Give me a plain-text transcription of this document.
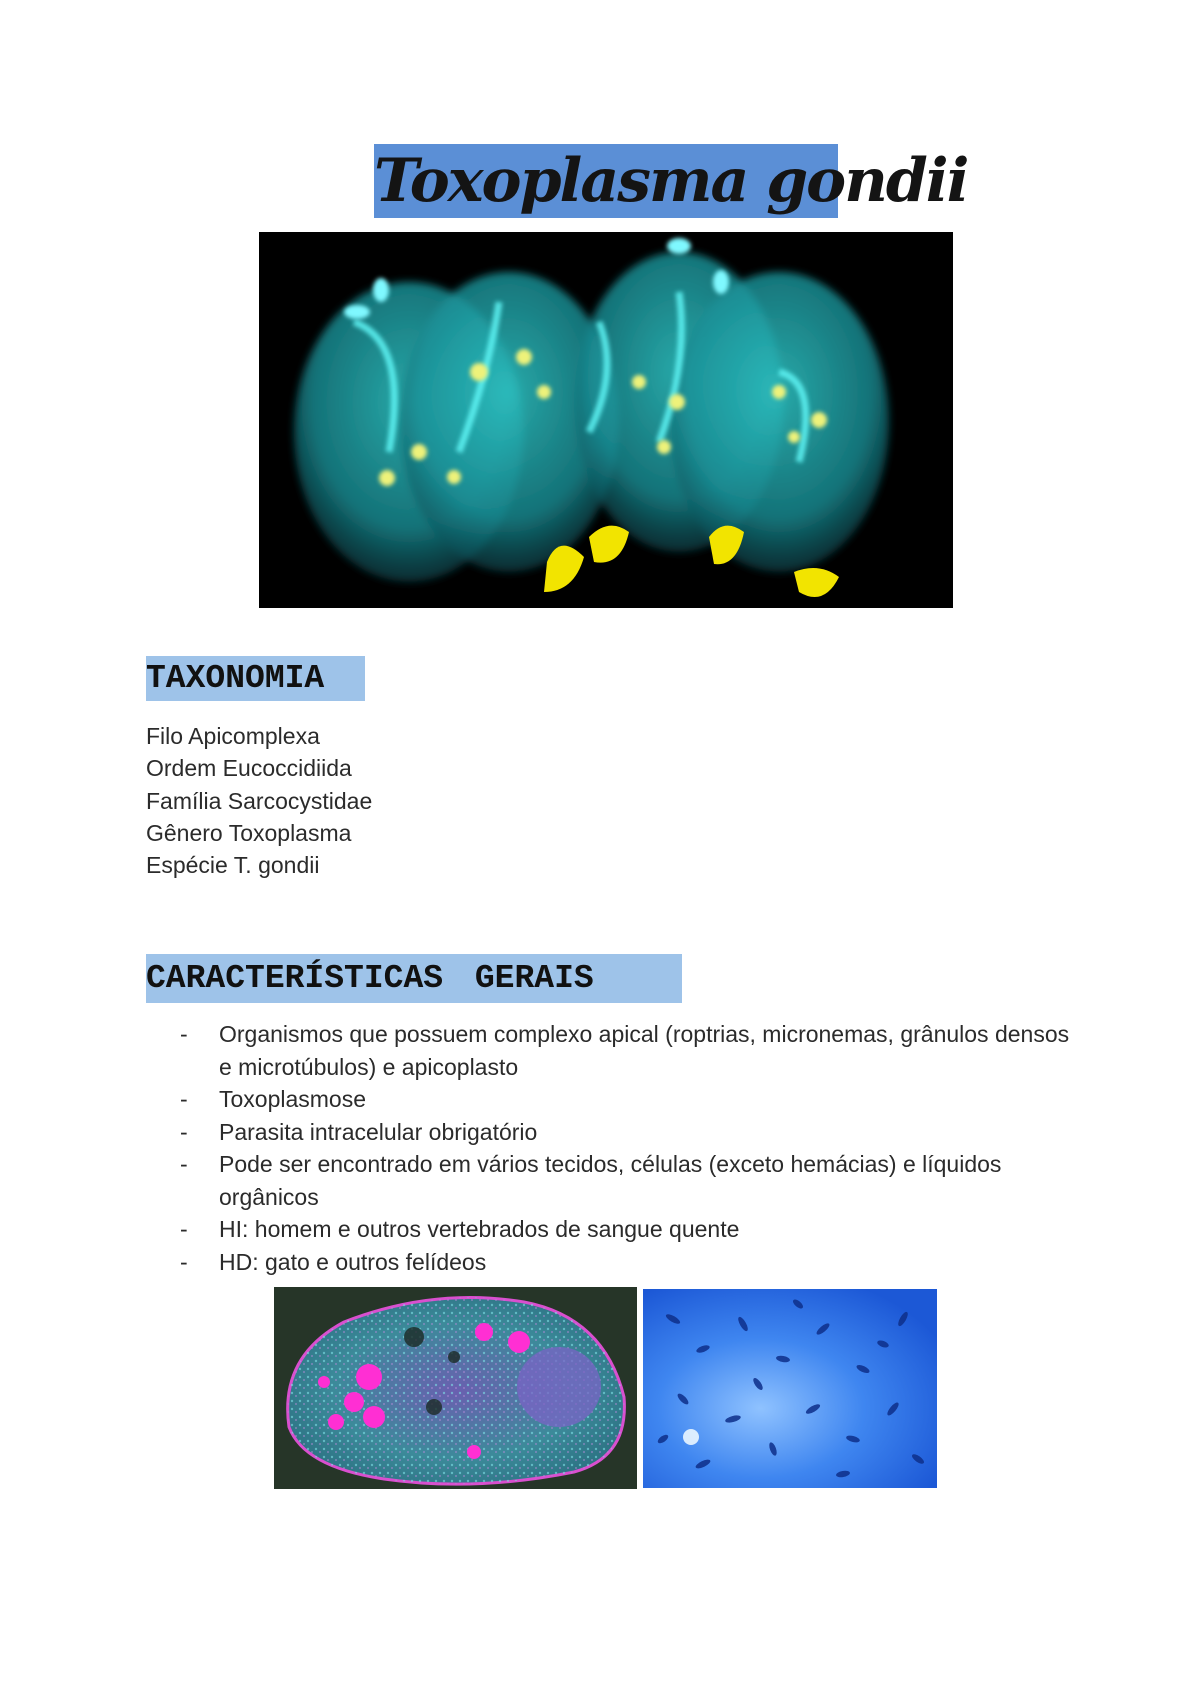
Toxoplasma gondii
TAXONOMIA
Filo Apicomplexa
Ordem Eucoccidiida
Família Sarcocystidae
Gênero Toxoplasma
Espécie T. gondii
CARACTERÍSTICAS GERAIS
- Organismos que possuem complexo apical (roptrias, micronemas, grânulos densos e microtúbulos) e apicoplasto
- Toxoplasmose
- Parasita intracelular obrigatório
- Pode ser encontrado em vários tecidos, células (exceto hemácias) e líquidos orgânicos
- HI: homem e outros vertebrados de sangue quente
- HD: gato e outros felídeos
